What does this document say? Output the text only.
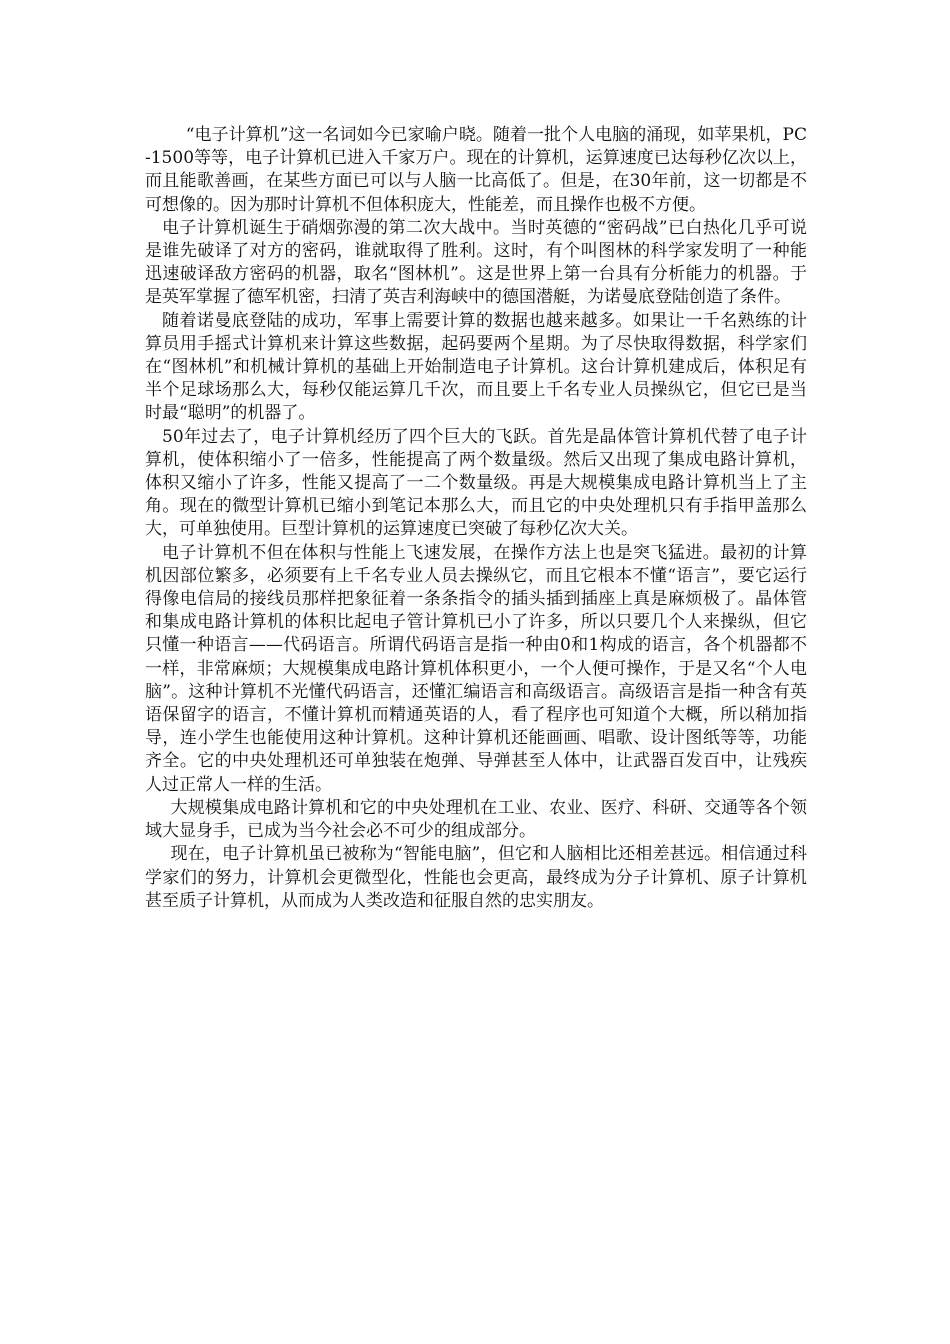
“电子计算机”这一名词如今已家喻户晓。随着一批个人电脑的涌现，如苹果机，PC-1500等等，电子计算机已进入千家万户。现在的计算机，运算速度已达每秒亿次以上，而且能歌善画，在某些方面已可以与人脑一比高低了。但是，在30年前，这一切都是不可想像的。因为那时计算机不但体积庞大，性能差，而且操作也极不方便。

电子计算机诞生于硝烟弥漫的第二次大战中。当时英德的“密码战”已白热化几乎可说是谁先破译了对方的密码，谁就取得了胜利。这时，有个叫图林的科学家发明了一种能迅速破译敌方密码的机器，取名“图林机”。这是世界上第一台具有分析能力的机器。于是英军掌握了德军机密，扫清了英吉利海峡中的德国潜艇，为诺曼底登陆创造了条件。

随着诺曼底登陆的成功，军事上需要计算的数据也越来越多。如果让一千名熟练的计算员用手摇式计算机来计算这些数据，起码要两个星期。为了尽快取得数据，科学家们在“图林机”和机械计算机的基础上开始制造电子计算机。这台计算机建成后，体积足有半个足球场那么大，每秒仅能运算几千次，而且要上千名专业人员操纵它，但它已是当时最“聪明”的机器了。

50年过去了，电子计算机经历了四个巨大的飞跃。首先是晶体管计算机代替了电子计算机，使体积缩小了一倍多，性能提高了两个数量级。然后又出现了集成电路计算机，体积又缩小了许多，性能又提高了一二个数量级。再是大规模集成电路计算机当上了主角。现在的微型计算机已缩小到笔记本那么大，而且它的中央处理机只有手指甲盖那么大，可单独使用。巨型计算机的运算速度已突破了每秒亿次大关。

电子计算机不但在体积与性能上飞速发展，在操作方法上也是突飞猛进。最初的计算机因部位繁多，必须要有上千名专业人员去操纵它，而且它根本不懂“语言”，要它运行得像电信局的接线员那样把象征着一条条指令的插头插到插座上真是麻烦极了。晶体管和集成电路计算机的体积比起电子管计算机已小了许多，所以只要几个人来操纵，但它只懂一种语言——代码语言。所谓代码语言是指一种由0和1构成的语言，各个机器都不一样，非常麻烦；大规模集成电路计算机体积更小，一个人便可操作，于是又名“个人电脑”。这种计算机不光懂代码语言，还懂汇编语言和高级语言。高级语言是指一种含有英语保留字的语言，不懂计算机而精通英语的人，看了程序也可知道个大概，所以稍加指导，连小学生也能使用这种计算机。这种计算机还能画画、唱歌、设计图纸等等，功能齐全。它的中央处理机还可单独装在炮弹、导弹甚至人体中，让武器百发百中，让残疾人过正常人一样的生活。

大规模集成电路计算机和它的中央处理机在工业、农业、医疗、科研、交通等各个领域大显身手，已成为当今社会必不可少的组成部分。

现在，电子计算机虽已被称为“智能电脑”，但它和人脑相比还相差甚远。相信通过科学家们的努力，计算机会更微型化，性能也会更高，最终成为分子计算机、原子计算机甚至质子计算机，从而成为人类改造和征服自然的忠实朋友。
